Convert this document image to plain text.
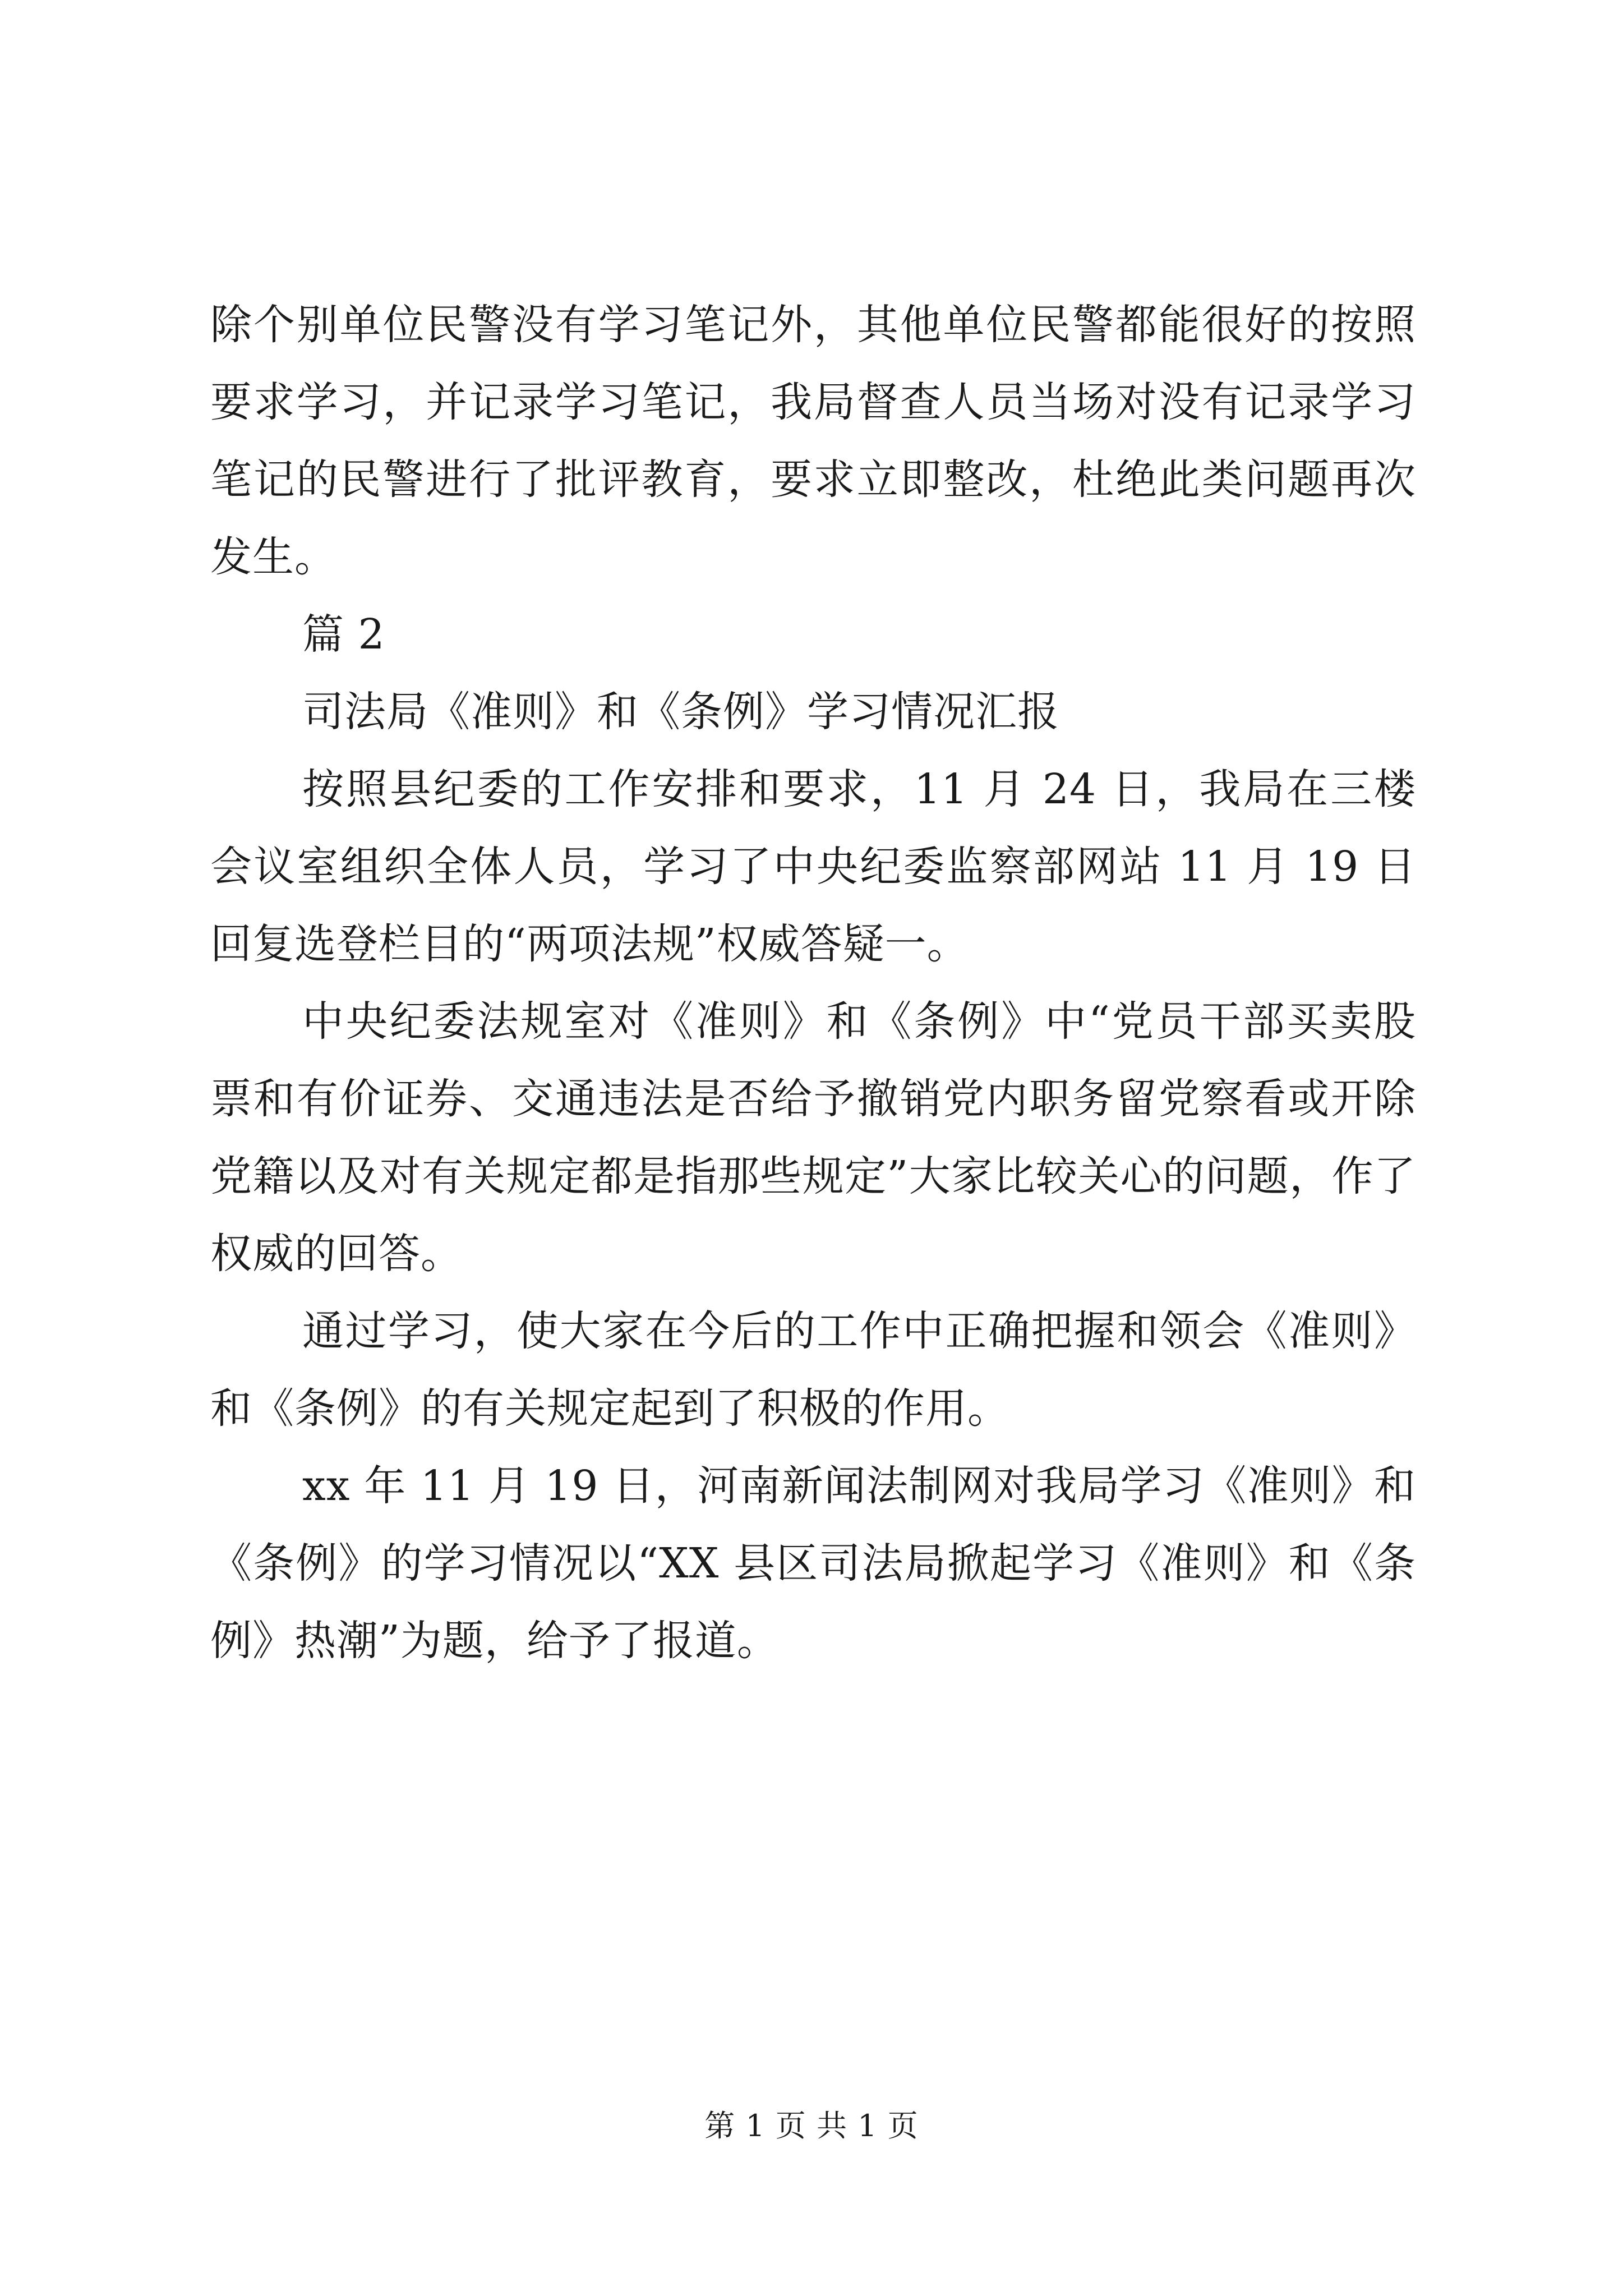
除个别单位民警没有学习笔记外，其他单位民警都能很好的按照要求学习，并记录学习笔记，我局督查人员当场对没有记录学习笔记的民警进行了批评教育，要求立即整改，杜绝此类问题再次发生。

篇 2

司法局《准则》和《条例》学习情况汇报

按照县纪委的工作安排和要求，11 月 24 日，我局在三楼会议室组织全体人员，学习了中央纪委监察部网站 11 月 19 日回复选登栏目的“两项法规”权威答疑一。

中央纪委法规室对《准则》和《条例》中“党员干部买卖股票和有价证券、交通违法是否给予撤销党内职务留党察看或开除党籍以及对有关规定都是指那些规定”大家比较关心的问题，作了权威的回答。

通过学习，使大家在今后的工作中正确把握和领会《准则》和《条例》的有关规定起到了积极的作用。

xx 年 11 月 19 日，河南新闻法制网对我局学习《准则》和《条例》的学习情况以“XX 县区司法局掀起学习《准则》和《条例》热潮”为题，给予了报道。

第 1 页 共 1 页
